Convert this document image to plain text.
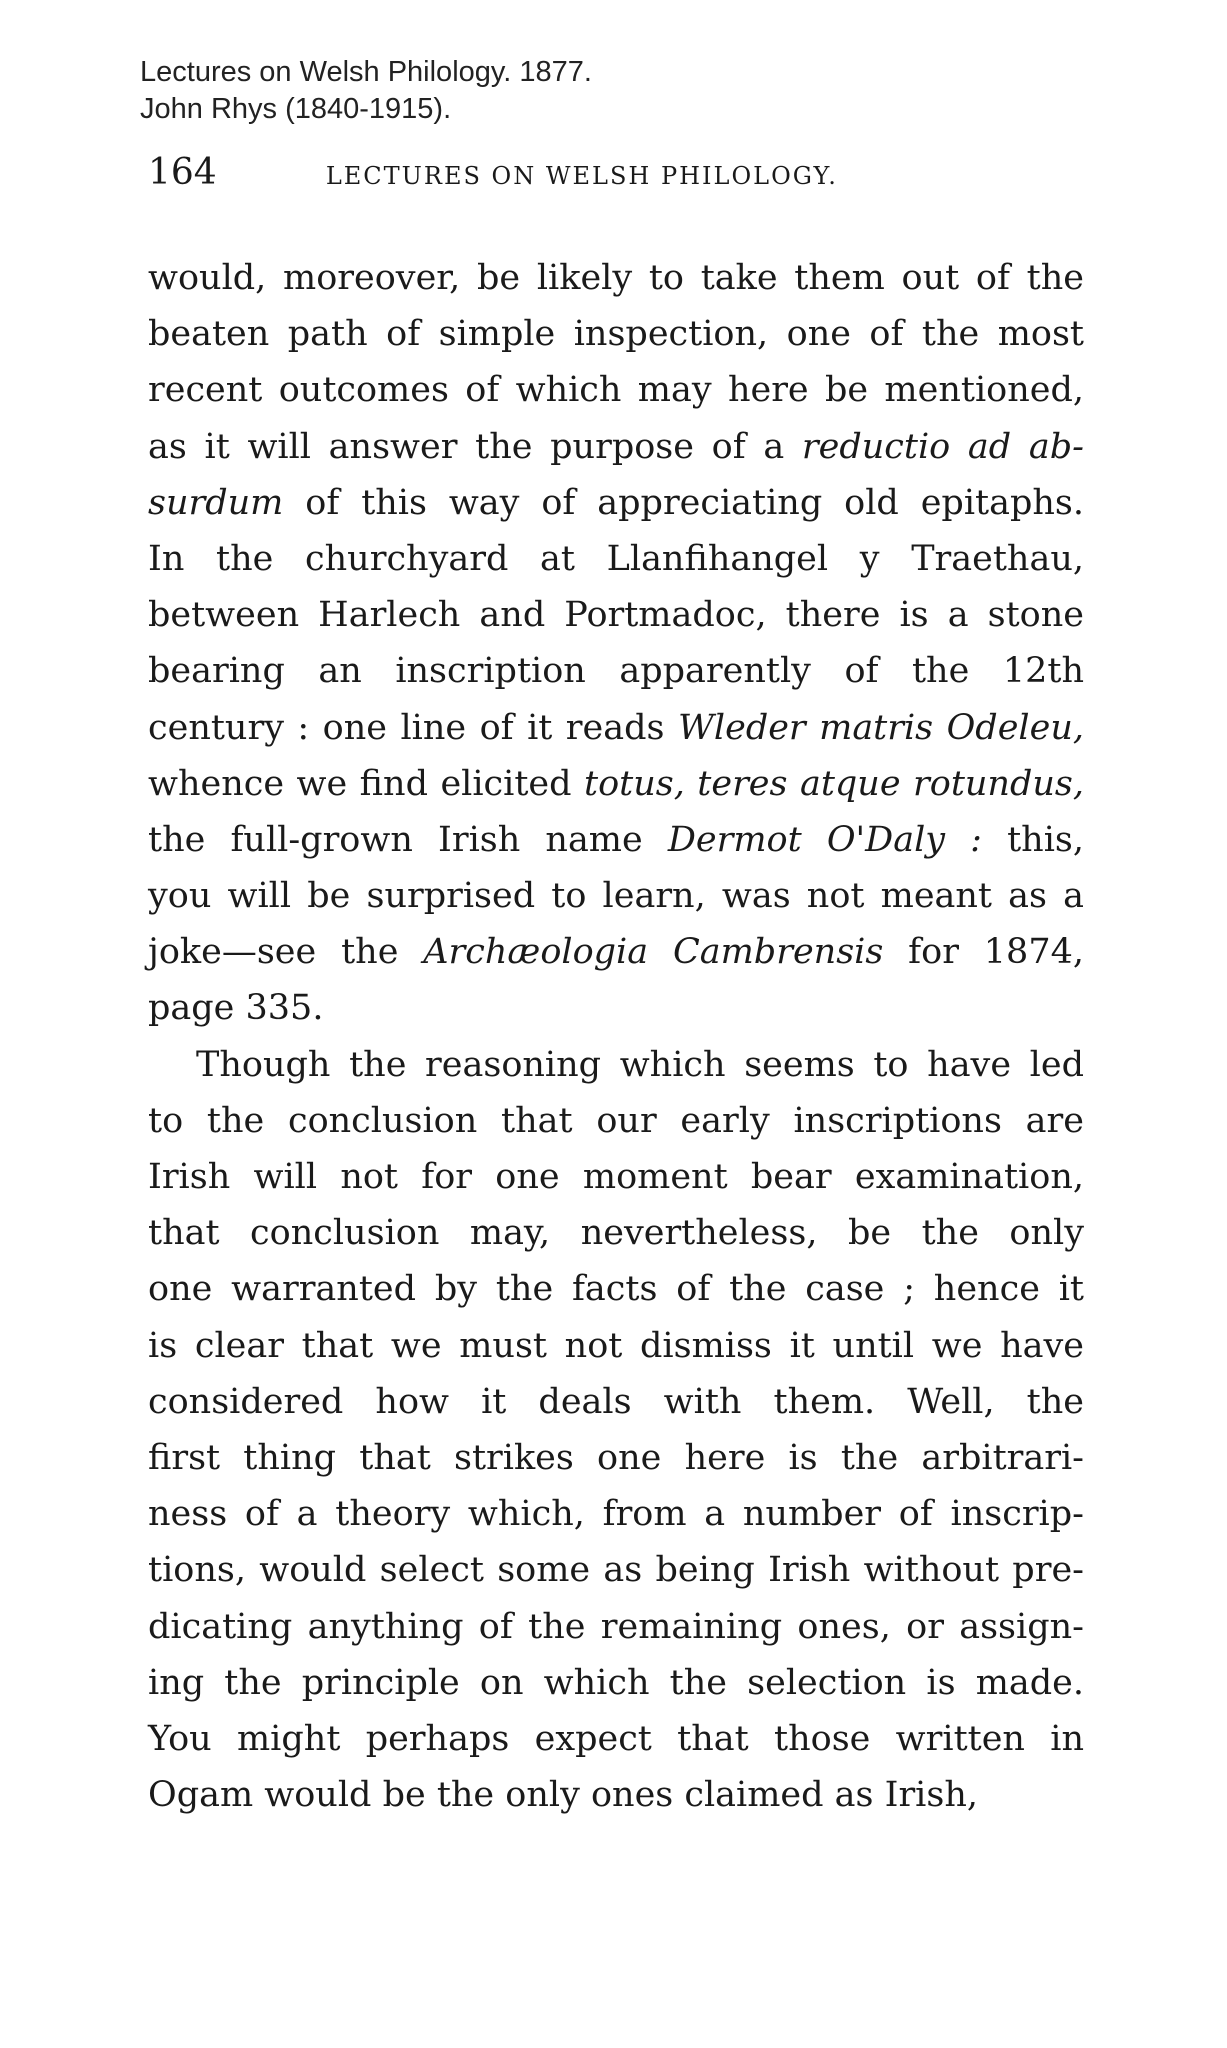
Lectures on Welsh Philology. 1877.
John Rhys (1840-1915).
164	LECTURES ON WELSH PHILOLOGY.
would, moreover, be likely to take them out of the
beaten path of simple inspection, one of the most
recent outcomes of which may here be mentioned,
as it will answer the purpose of a reductio ad ab-
surdum of this way of appreciating old epitaphs.
In the churchyard at Llanfihangel y Traethau,
between Harlech and Portmadoc, there is a stone
bearing an inscription apparently of the 12th
century : one line of it reads Wleder matris Odeleu,
whence we find elicited totus, teres atque rotundus,
the full-grown Irish name Dermot O'Daly : this,
you will be surprised to learn, was not meant as a
joke—see the Archæologia Cambrensis for 1874,
page 335.
Though the reasoning which seems to have led
to the conclusion that our early inscriptions are
Irish will not for one moment bear examination,
that conclusion may, nevertheless, be the only
one warranted by the facts of the case ; hence it
is clear that we must not dismiss it until we have
considered how it deals with them. Well, the
first thing that strikes one here is the arbitrari-
ness of a theory which, from a number of inscrip-
tions, would select some as being Irish without pre-
dicating anything of the remaining ones, or assign-
ing the principle on which the selection is made.
You might perhaps expect that those written in
Ogam would be the only ones claimed as Irish,
